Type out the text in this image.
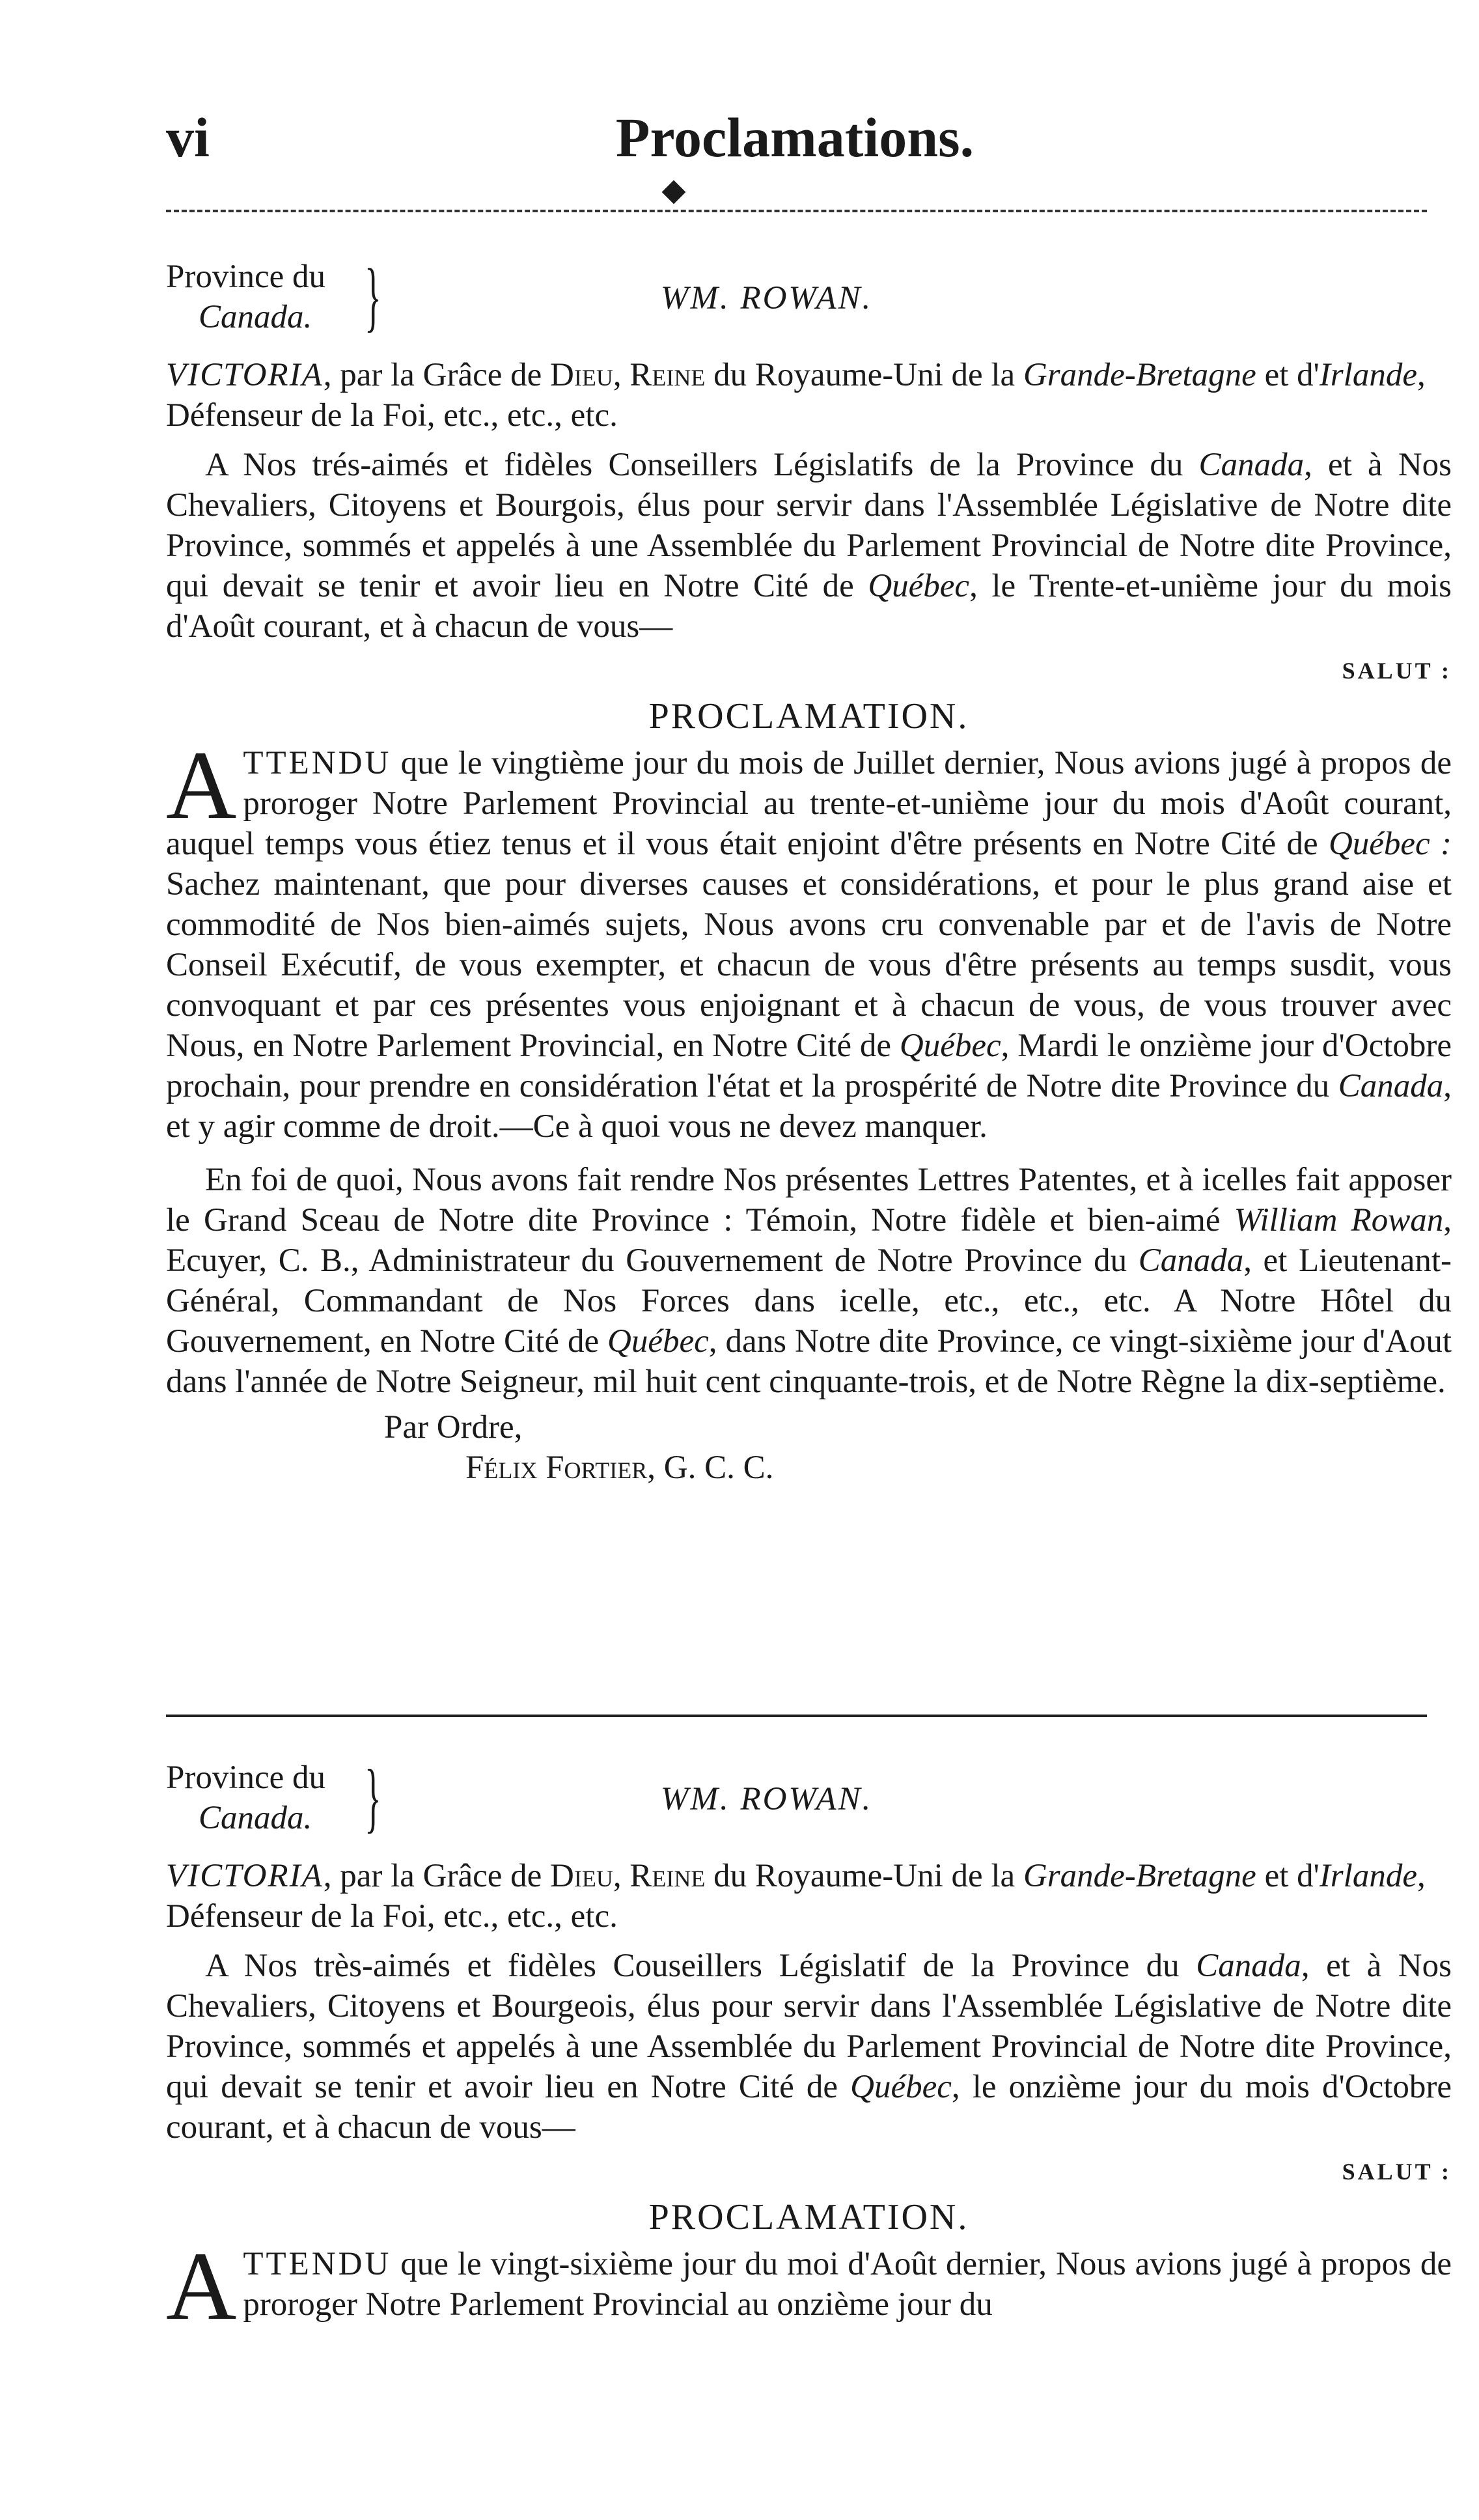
vi	Proclamations.
Province du
Canada. }	WM. ROWAN.

VICTORIA, par la Grâce de Dieu, Reine du Royaume-Uni de la Grande-Bretagne et d'Irlande, Défenseur de la Foi, etc., etc., etc.

A Nos trés-aimés et fidèles Conseillers Législatifs de la Province du Canada, et à Nos Chevaliers, Citoyens et Bourgois, élus pour servir dans l'Assemblée Législative de Notre dite Province, sommés et appelés à une Assemblée du Parlement Provincial de Notre dite Province, qui devait se tenir et avoir lieu en Notre Cité de Québec, le Trente-et-unième jour du mois d'Août courant, et à chacun de vous—

SALUT :

PROCLAMATION.

ATTENDU que le vingtième jour du mois de Juillet dernier, Nous avions jugé à propos de proroger Notre Parlement Provincial au trente-et-unième jour du mois d'Août courant, auquel temps vous étiez tenus et il vous était enjoint d'être présents en Notre Cité de Québec : Sachez maintenant, que pour diverses causes et considérations, et pour le plus grand aise et commodité de Nos bien-aimés sujets, Nous avons cru convenable par et de l'avis de Notre Conseil Exécutif, de vous exempter, et chacun de vous d'être présents au temps susdit, vous convoquant et par ces présentes vous enjoignant et à chacun de vous, de vous trouver avec Nous, en Notre Parlement Provincial, en Notre Cité de Québec, Mardi le onzième jour d'Octobre prochain, pour prendre en considération l'état et la prospérité de Notre dite Province du Canada, et y agir comme de droit.—Ce à quoi vous ne devez manquer.

En foi de quoi, Nous avons fait rendre Nos présentes Lettres Patentes, et à icelles fait apposer le Grand Sceau de Notre dite Province : Témoin, Notre fidèle et bien-aimé William Rowan, Ecuyer, C. B., Administrateur du Gouvernement de Notre Province du Canada, et Lieutenant-Général, Commandant de Nos Forces dans icelle, etc., etc., etc. A Notre Hôtel du Gouvernement, en Notre Cité de Québec, dans Notre dite Province, ce vingt-sixième jour d'Aout dans l'année de Notre Seigneur, mil huit cent cinquante-trois, et de Notre Règne la dix-septième.

Par Ordre,

Félix Fortier, G. C. C.

Province du
Canada. }	WM. ROWAN.

VICTORIA, par la Grâce de Dieu, Reine du Royaume-Uni de la Grande-Bretagne et d'Irlande, Défenseur de la Foi, etc., etc., etc.

A Nos très-aimés et fidèles Couseillers Législatif de la Province du Canada, et à Nos Chevaliers, Citoyens et Bourgeois, élus pour servir dans l'Assemblée Législative de Notre dite Province, sommés et appelés à une Assemblée du Parlement Provincial de Notre dite Province, qui devait se tenir et avoir lieu en Notre Cité de Québec, le onzième jour du mois d'Octobre courant, et à chacun de vous—

SALUT :

PROCLAMATION.

ATTENDU que le vingt-sixième jour du moi d'Août dernier, Nous avions jugé à propos de proroger Notre Parlement Provincial au onzième jour du
